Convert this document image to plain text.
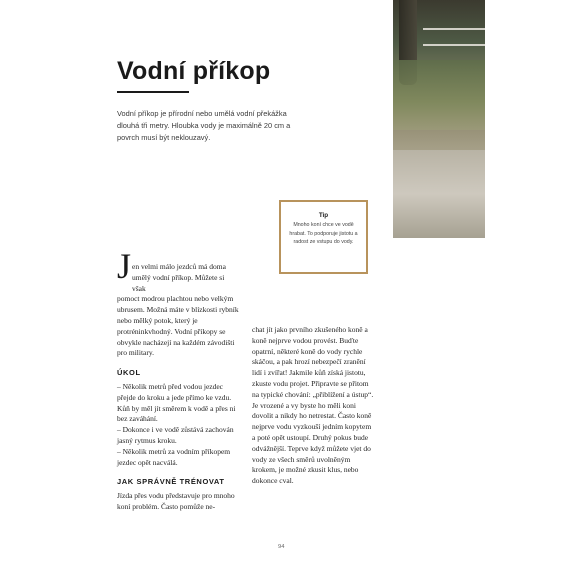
Vodní příkop

Vodní příkop je přírodní nebo umělá vodní překážka dlouhá tři metry. Hloubka vody je maximálně 20 cm a povrch musí být neklouzavý.

Tip
Mnoho koní chce ve vodě hrabat. To podporuje jistotu a radost ze vstupu do vody.
J en velmi málo jezdců má doma
umělý vodní příkop. Můžete si však

pomoct modrou plachtou nebo velkým ubrusem. Možná máte v blízkosti rybník nebo mělký potok, který je protréninkvhodný. Vodní příkopy se obvykle nacházejí na každém závodišti pro military.

ÚKOL

– Několik metrů před vodou jezdec přejde do kroku a jede přímo ke vzdu. Kůň by měl jít směrem k vodě a přes ni bez zaváhání.

– Dokonce i ve vodě zůstává zachován jasný rytmus kroku.

– Několik metrů za vodním příkopem jezdec opět nacválá.

JAK SPRÁVNĚ TRÉNOVAT

Jízda přes vodu představuje pro mnoho koní problém. Často pomůže ne-

chat jít jako prvního zkušeného koně a koně nejprve vodou provést. Buďte opatrní, některé koně do vody rychle skáčou, a pak hrozí nebezpečí zranění lidí i zvířat! Jakmile kůň získá jistotu, zkuste vodu projet. Připravte se přitom na typické chování: „přiblížení a ústup“. Je vrozené a vy byste ho měli koni dovolit a nikdy ho netrestat. Často koně nejprve vodu vyzkouší jedním kopytem a poté opět ustoupí. Druhý pokus bude odvážnější. Teprve když můžete vjet do vody ze všech směrů uvolněným krokem, je možné zkusit klus, nebo dokonce cval.

94
